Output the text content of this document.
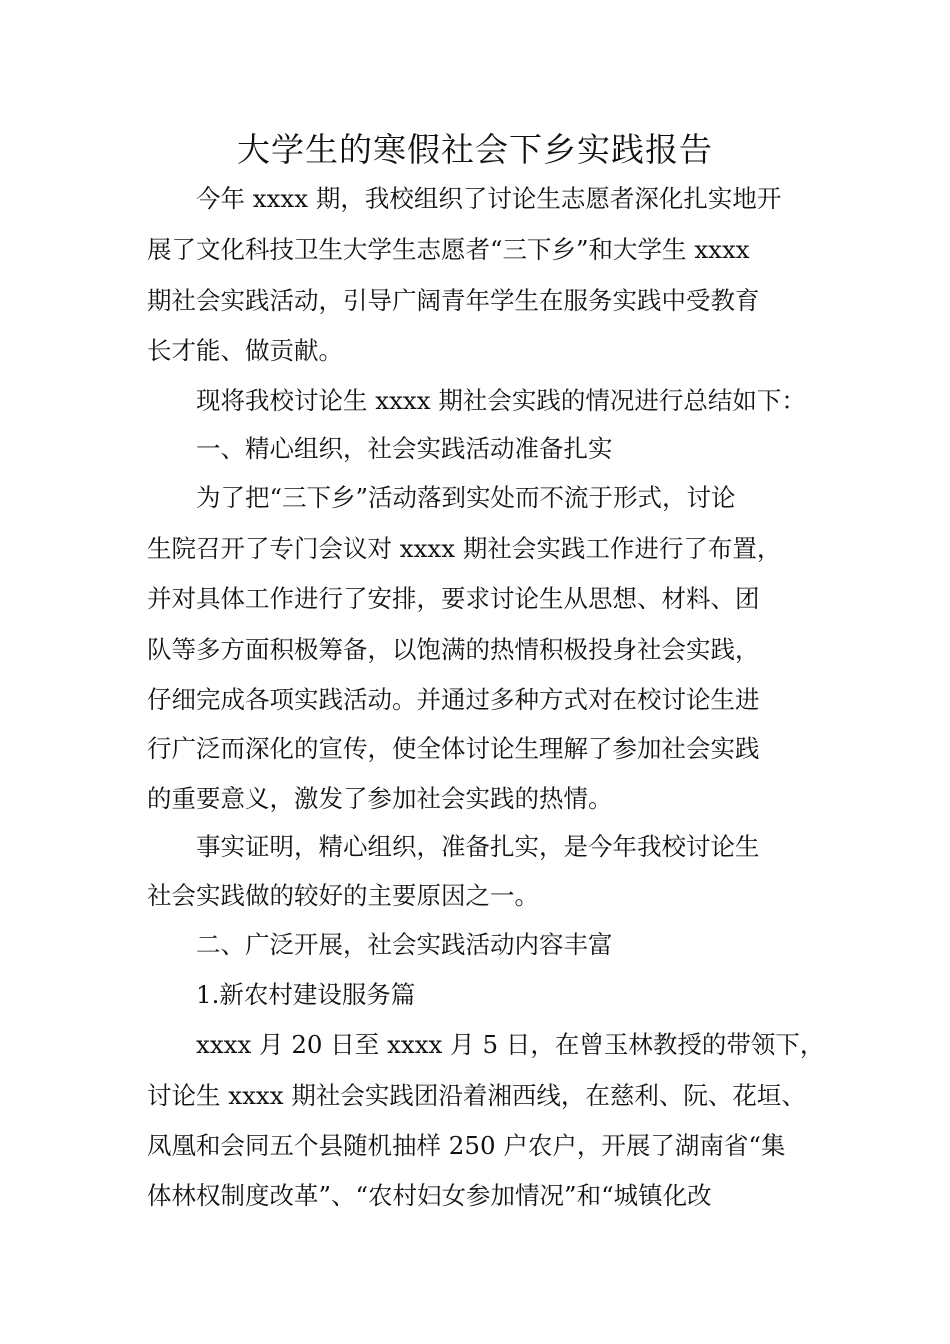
大学生的寒假社会下乡实践报告

今年 xxxx 期，我校组织了讨论生志愿者深化扎实地开

展了文化科技卫生大学生志愿者“三下乡”和大学生 xxxx

期社会实践活动，引导广阔青年学生在服务实践中受教育

长才能、做贡献。

现将我校讨论生 xxxx 期社会实践的情况进行总结如下：

一、精心组织，社会实践活动准备扎实

为了把“三下乡”活动落到实处而不流于形式，讨论

生院召开了专门会议对 xxxx 期社会实践工作进行了布置，

并对具体工作进行了安排，要求讨论生从思想、材料、团

队等多方面积极筹备，以饱满的热情积极投身社会实践，

仔细完成各项实践活动。并通过多种方式对在校讨论生进

行广泛而深化的宣传，使全体讨论生理解了参加社会实践

的重要意义，激发了参加社会实践的热情。

事实证明，精心组织，准备扎实，是今年我校讨论生

社会实践做的较好的主要原因之一。

二、广泛开展，社会实践活动内容丰富

1.新农村建设服务篇

xxxx 月 20 日至 xxxx 月 5 日，在曾玉林教授的带领下，

讨论生 xxxx 期社会实践团沿着湘西线，在慈利、阮、花垣、

凤凰和会同五个县随机抽样 250 户农户，开展了湖南省“集

体林权制度改革”、“农村妇女参加情况”和“城镇化改
